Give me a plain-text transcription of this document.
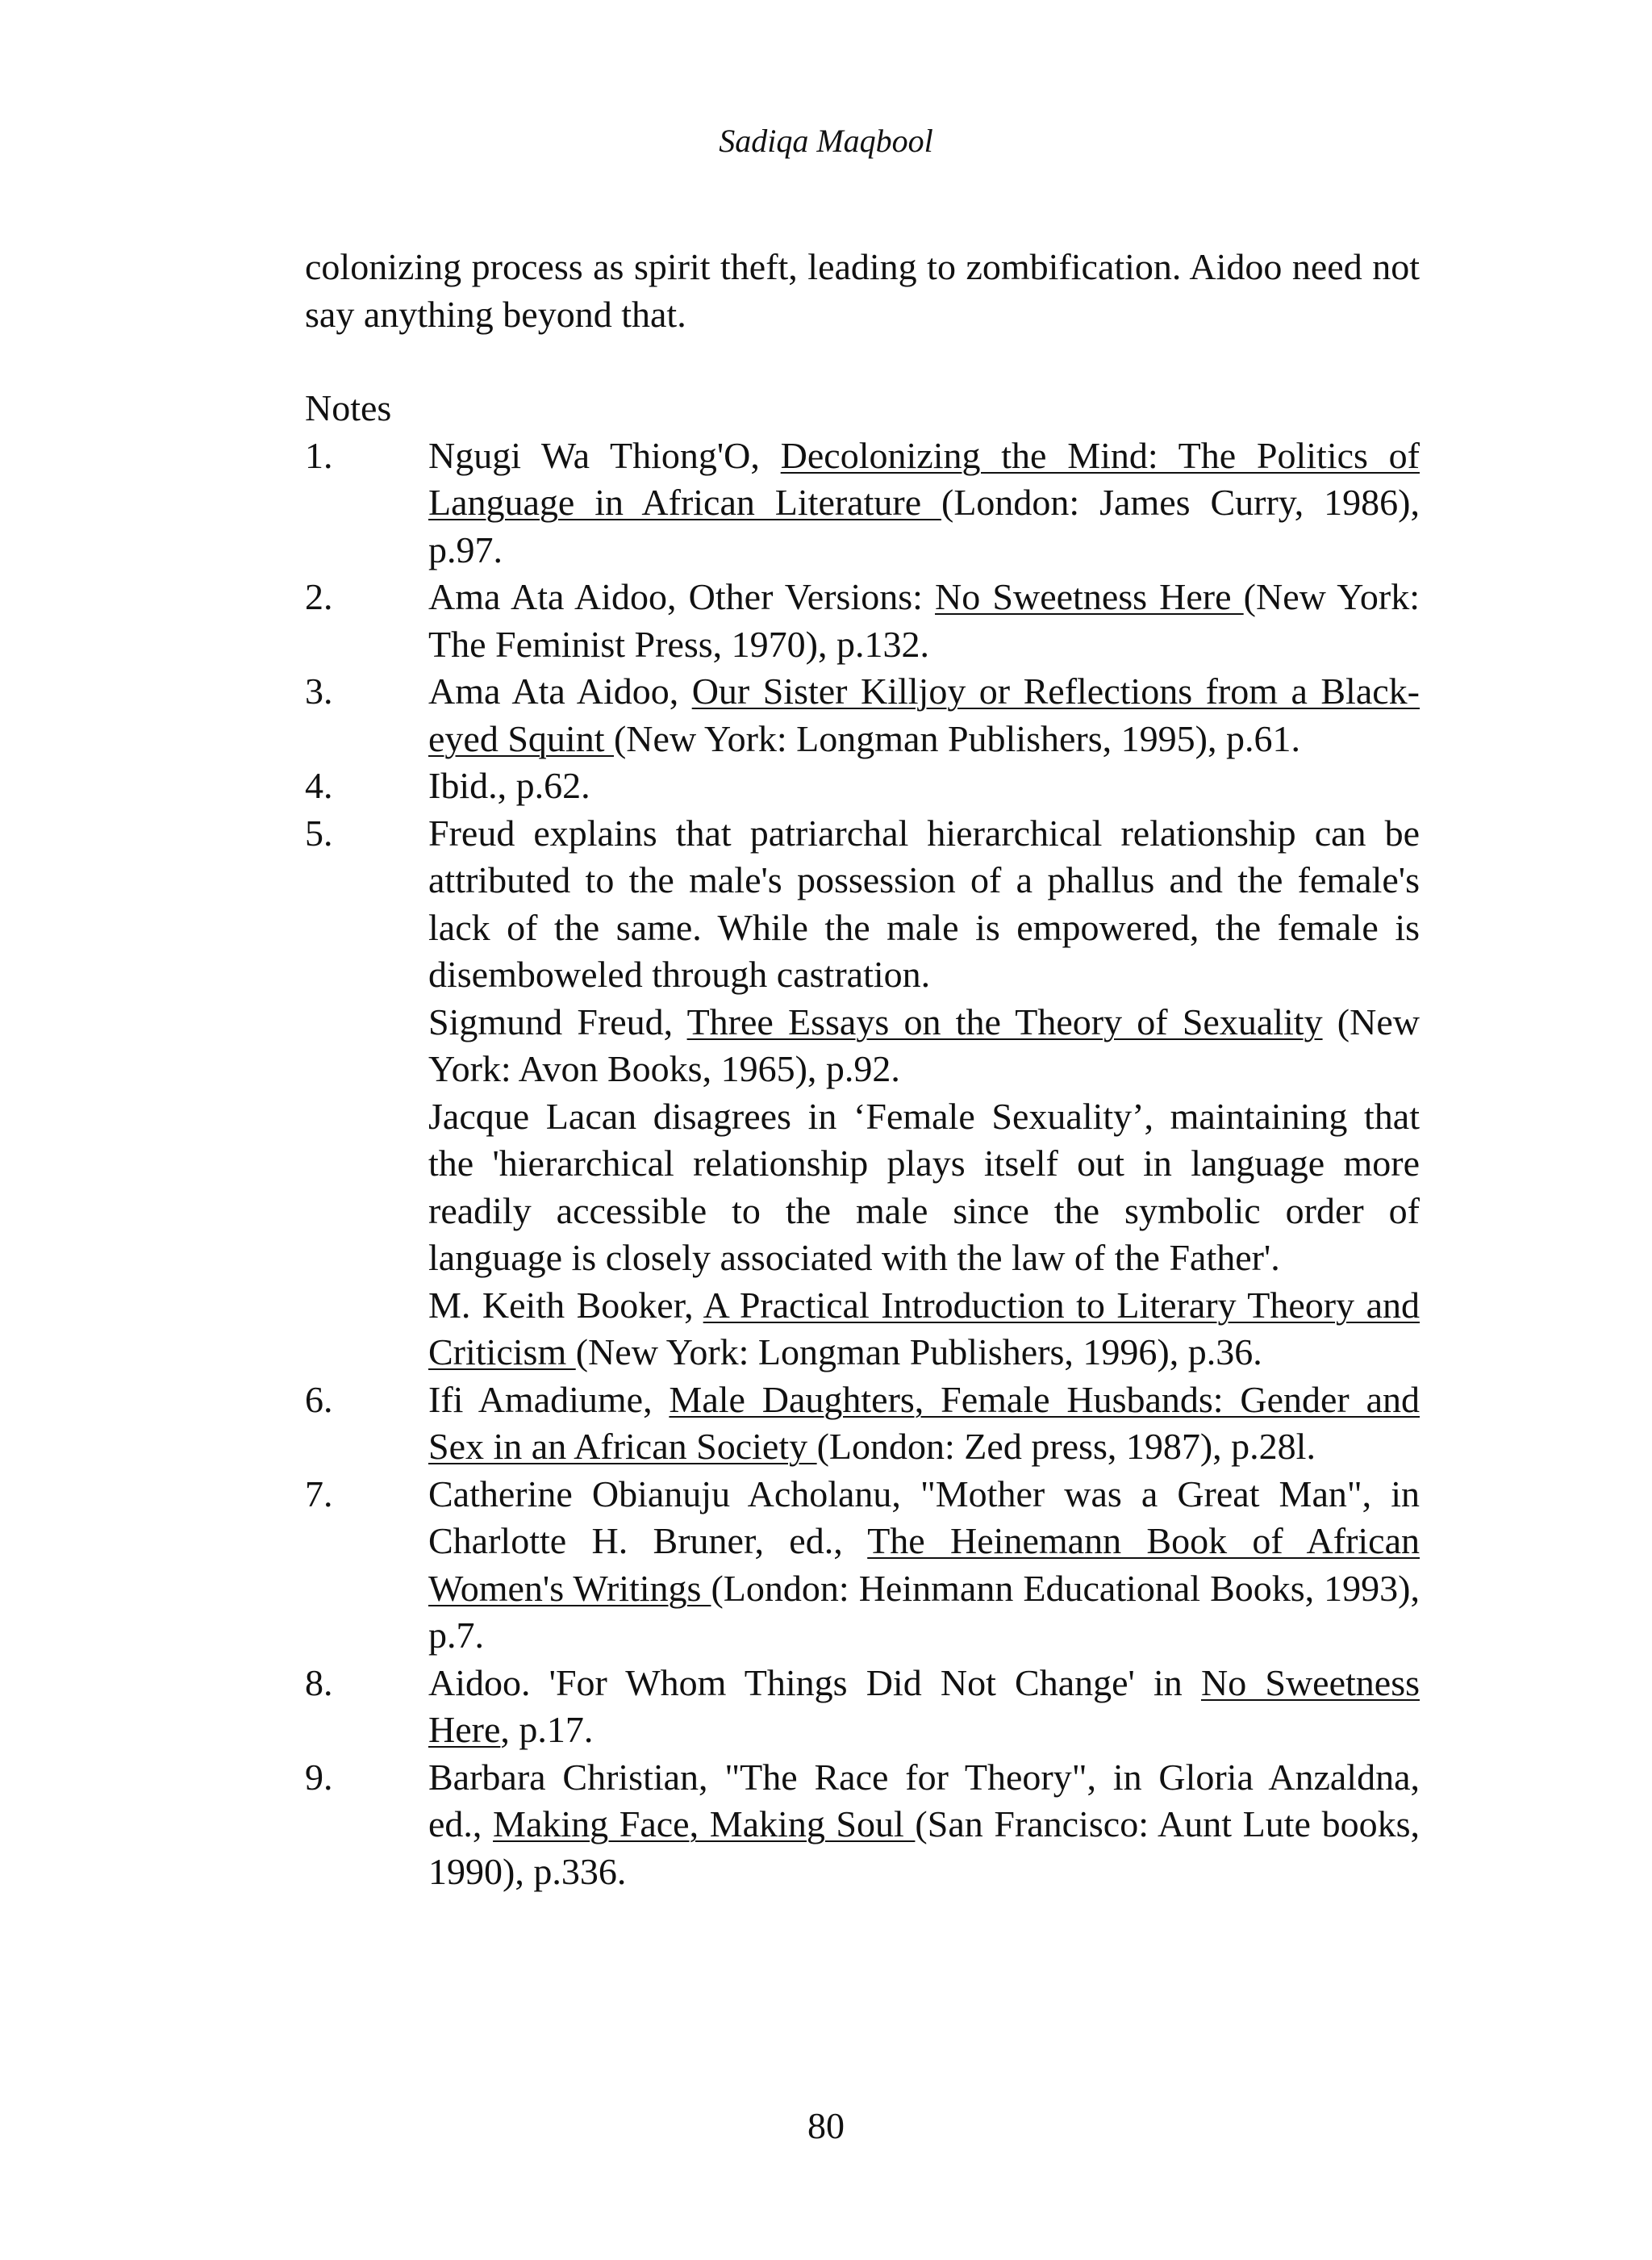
Sadiqa Maqbool

colonizing process as spirit theft, leading to zombification. Aidoo need not say anything beyond that.

Notes

1.	Ngugi Wa Thiong'O, Decolonizing the Mind: The Politics of Language in African Literature (London: James Curry, 1986), p.97.

2.	Ama Ata Aidoo, Other Versions: No Sweetness Here (New York: The Feminist Press, 1970), p.132.

3.	Ama Ata Aidoo, Our Sister Killjoy or Reflections from a Black- eyed Squint (New York: Longman Publishers, 1995), p.61.

4.	Ibid., p.62.

5.	Freud explains that patriarchal hierarchical relationship can be attributed to the male's possession of a phallus and the female's lack of the same. While the male is empowered, the female is disemboweled through castration.

Sigmund Freud, Three Essays on the Theory of Sexuality (New York: Avon Books, 1965), p.92.

Jacque Lacan disagrees in ‘Female Sexuality’, maintaining that the 'hierarchical relationship plays itself out in language more readily accessible to the male since the symbolic order of language is closely associated with the law of the Father'.

M. Keith Booker, A Practical Introduction to Literary Theory and Criticism (New York: Longman Publishers, 1996), p.36.

6.	Ifi Amadiume, Male Daughters, Female Husbands: Gender and Sex in an African Society (London: Zed press, 1987), p.28l.

7.	Catherine Obianuju Acholanu, "Mother was a Great Man", in Charlotte H. Bruner, ed., The Heinemann Book of African Women's Writings (London: Heinmann Educational Books, 1993), p.7.

8.	Aidoo. 'For Whom Things Did Not Change' in No Sweetness Here, p.17.

9.	Barbara Christian, "The Race for Theory", in Gloria Anzaldna, ed., Making Face, Making Soul (San Francisco: Aunt Lute books, 1990), p.336.

80
